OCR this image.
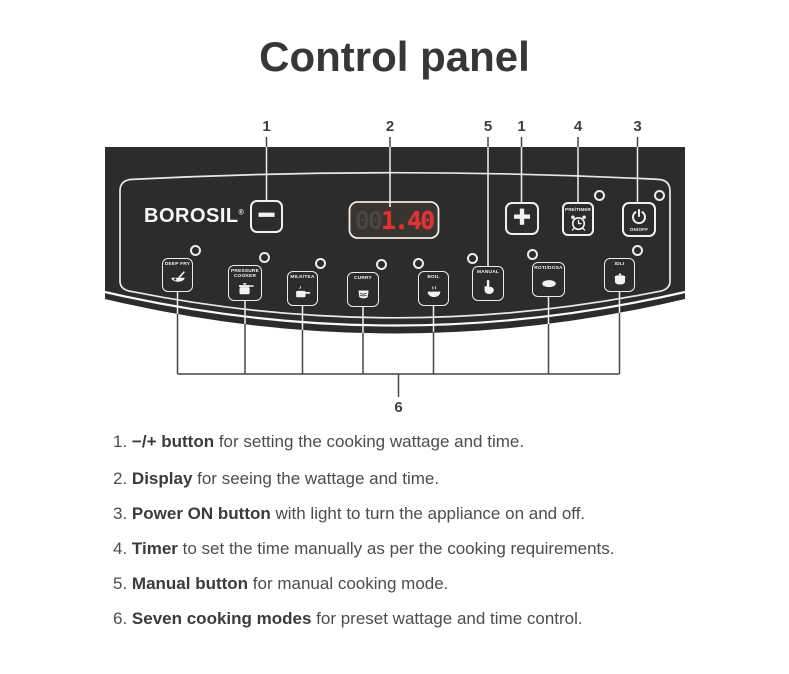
Control panel
6
BOROSIL® −	00 1.40	+	PRE/TIMER
ON/OFF
1. −/+ button for setting the cooking wattage and time.
2. Display for seeing the wattage and time.
3. Power ON button with light to turn the appliance on and off.
4. Timer to set the time manually as per the cooking requirements.
5. Manual button for manual cooking mode.
6. Seven cooking modes for preset wattage and time control.
DEEP FRY
PRESSURE COOKER	MILK/TEA	CURRY	BOIL
MANUAL
ROTI/DOSA
IDLI
1	2	5 1	4	3
